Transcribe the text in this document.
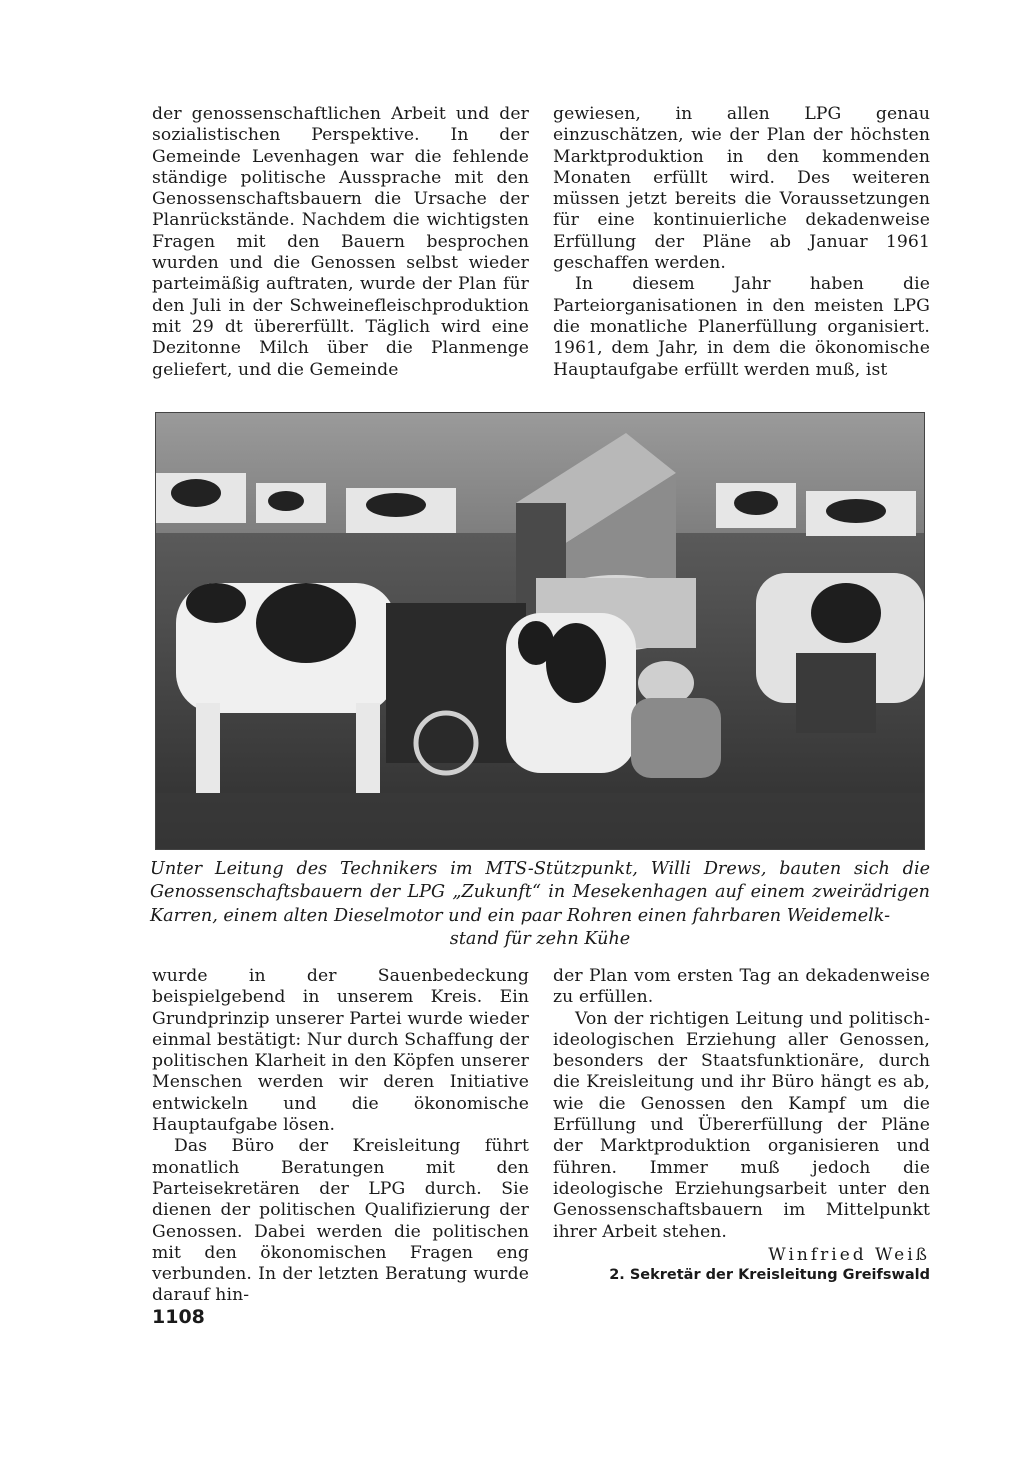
der genossenschaftlichen Arbeit und der sozialistischen Perspektive. In der Gemeinde Levenhagen war die fehlende ständige politische Aussprache mit den Genossenschaftsbauern die Ursache der Planrückstände. Nachdem die wichtigsten Fragen mit den Bauern besprochen wurden und die Genossen selbst wieder parteimäßig auftraten, wurde der Plan für den Juli in der Schweinefleischproduktion mit 29 dt übererfüllt. Täglich wird eine Dezitonne Milch über die Planmenge geliefert, und die Gemeinde

gewiesen, in allen LPG genau einzuschätzen, wie der Plan der höchsten Marktproduktion in den kommenden Monaten erfüllt wird. Des weiteren müssen jetzt bereits die Voraussetzungen für eine kontinuierliche dekadenweise Erfüllung der Pläne ab Januar 1961 geschaffen werden.

In diesem Jahr haben die Parteiorganisationen in den meisten LPG die monatliche Planerfüllung organisiert. 1961, dem Jahr, in dem die ökonomische Hauptaufgabe erfüllt werden muß, ist

Unter Leitung des Technikers im MTS-Stützpunkt, Willi Drews, bauten sich die Genossenschaftsbauern der LPG „Zukunft“ in Mesekenhagen auf einem zweirädrigen Karren, einem alten Dieselmotor und ein paar Rohren einen fahrbaren Weidemelk-
stand für zehn Kühe

wurde in der Sauenbedeckung beispielgebend in unserem Kreis. Ein Grundprinzip unserer Partei wurde wieder einmal bestätigt: Nur durch Schaffung der politischen Klarheit in den Köpfen unserer Menschen werden wir deren Initiative entwickeln und die ökonomische Hauptaufgabe lösen.

Das Büro der Kreisleitung führt monatlich Beratungen mit den Parteisekretären der LPG durch. Sie dienen der politischen Qualifizierung der Genossen. Dabei werden die politischen mit den ökonomischen Fragen eng verbunden. In der letzten Beratung wurde darauf hin-

der Plan vom ersten Tag an dekadenweise zu erfüllen.

Von der richtigen Leitung und politisch-ideologischen Erziehung aller Genossen, besonders der Staatsfunktionäre, durch die Kreisleitung und ihr Büro hängt es ab, wie die Genossen den Kampf um die Erfüllung und Übererfüllung der Pläne der Marktproduktion organisieren und führen. Immer muß jedoch die ideologische Erziehungsarbeit unter den Genossenschaftsbauern im Mittelpunkt ihrer Arbeit stehen.

Winfried Weiß
2. Sekretär der Kreisleitung Greifswald
1108
